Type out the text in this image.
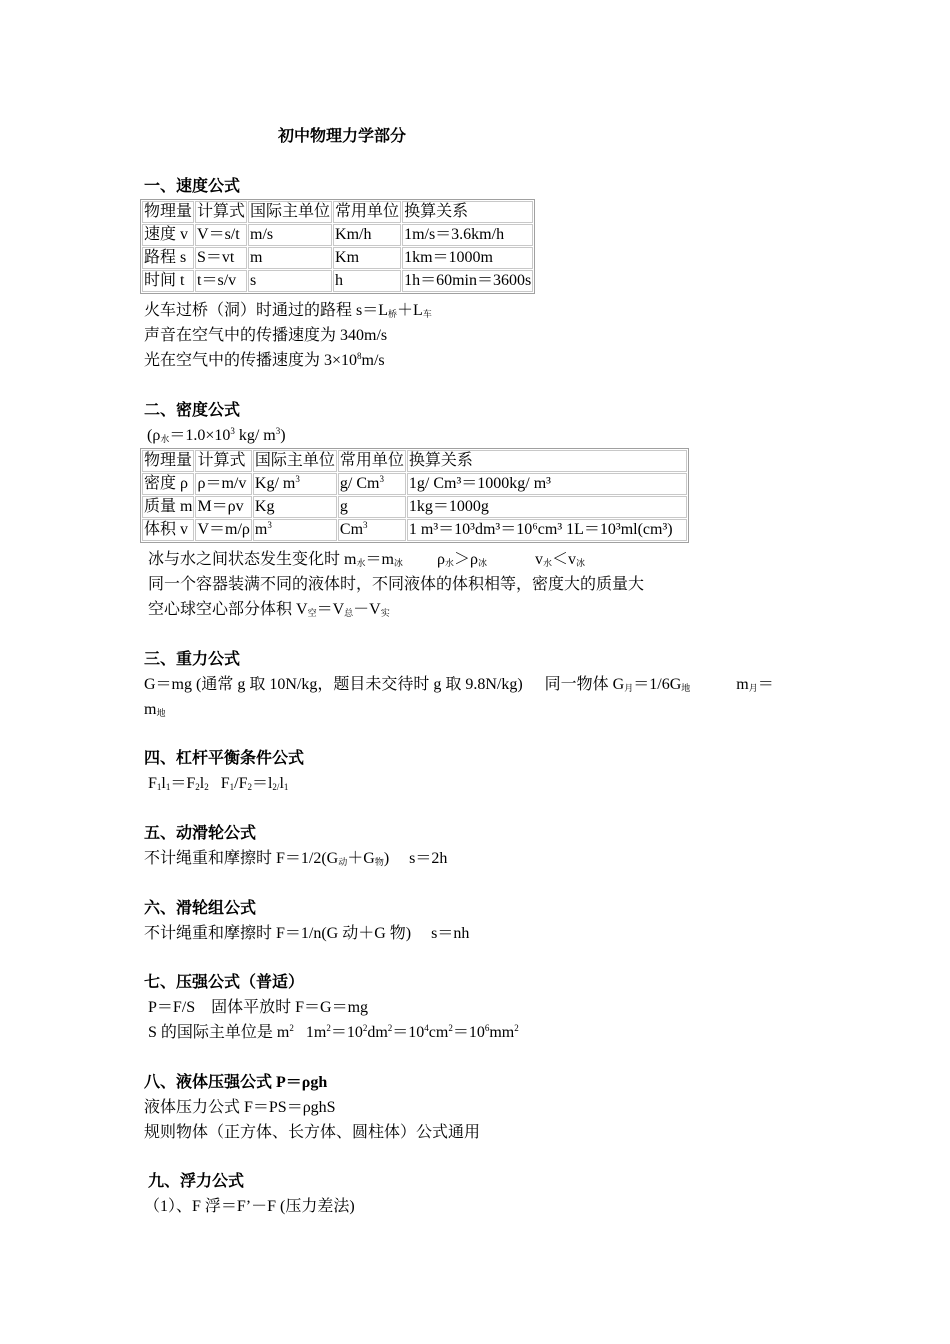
初中物理力学部分
一、速度公式
物理量	计算式	国际主单位	常用单位	换算关系
速度 v	V＝s/t	m/s	Km/h	1m/s＝3.6km/h
路程 s	S＝vt	m	Km	1km＝1000m
时间 t	t＝s/v	s	h	1h＝60min＝3600s
火车过桥（洞）时通过的路程 $s=L_桥+L_车$
声音在空气中的传播速度为 340m/s
光在空气中的传播速度为 $3\times 10^8m/s$
二、密度公式
($\rho_水=1.0\times 10^3$ kg/ $m^3$)
物理量	计算式	国际主单位	常用单位	换算关系
密度 ρ	ρ＝m/v	Kg/ $m^3$	g/ Cm$^3$	1g/ Cm³＝1000kg/ m³
质量 m	M＝ρv	Kg	g	1kg＝1000g
体积 v	V＝m/ρ	$m^3$	Cm$^3$	1 m³＝10³dm³＝10⁶cm³ 1L＝10³ml(cm³)
冰与水之间状态发生变化时 $m_水=m_冰$ $\rho_水>\rho_冰$	$v_水<v_冰$
同一个容器装满不同的液体时，不同液体的体积相等，密度大的质量大
空心球空心部分体积 $V_空=V_总-V_实$
三、重力公式
G＝mg (通常 g 取 10N/kg，题目未交待时 g 取 9.8N/kg) 同一物体 $G_月=1/6G_地$	$m_月=$
$m_地$
四、杠杆平衡条件公式
$F_1l_1=F_2l_2$ $F_1/F_2=l_{2/}l_1$
五、动滑轮公式
不计绳重和摩擦时 $F=1/2(G_动+G_物)$ s＝2h
六、滑轮组公式
不计绳重和摩擦时 F＝1/n(G 动＋G 物)     s＝nh
七、压强公式（普适）
P＝F/S    固体平放时 F＝G＝mg
S 的国际主单位是 $m^2$ $1m^2=10^2dm^2=10^4cm^2=10^6mm^2$
八、液体压强公式 P＝ρgh
液体压力公式 F＝PS＝ρghS
规则物体（正方体、长方体、圆柱体）公式通用
九、浮力公式
（1）、F 浮＝F’－F (压力差法)
